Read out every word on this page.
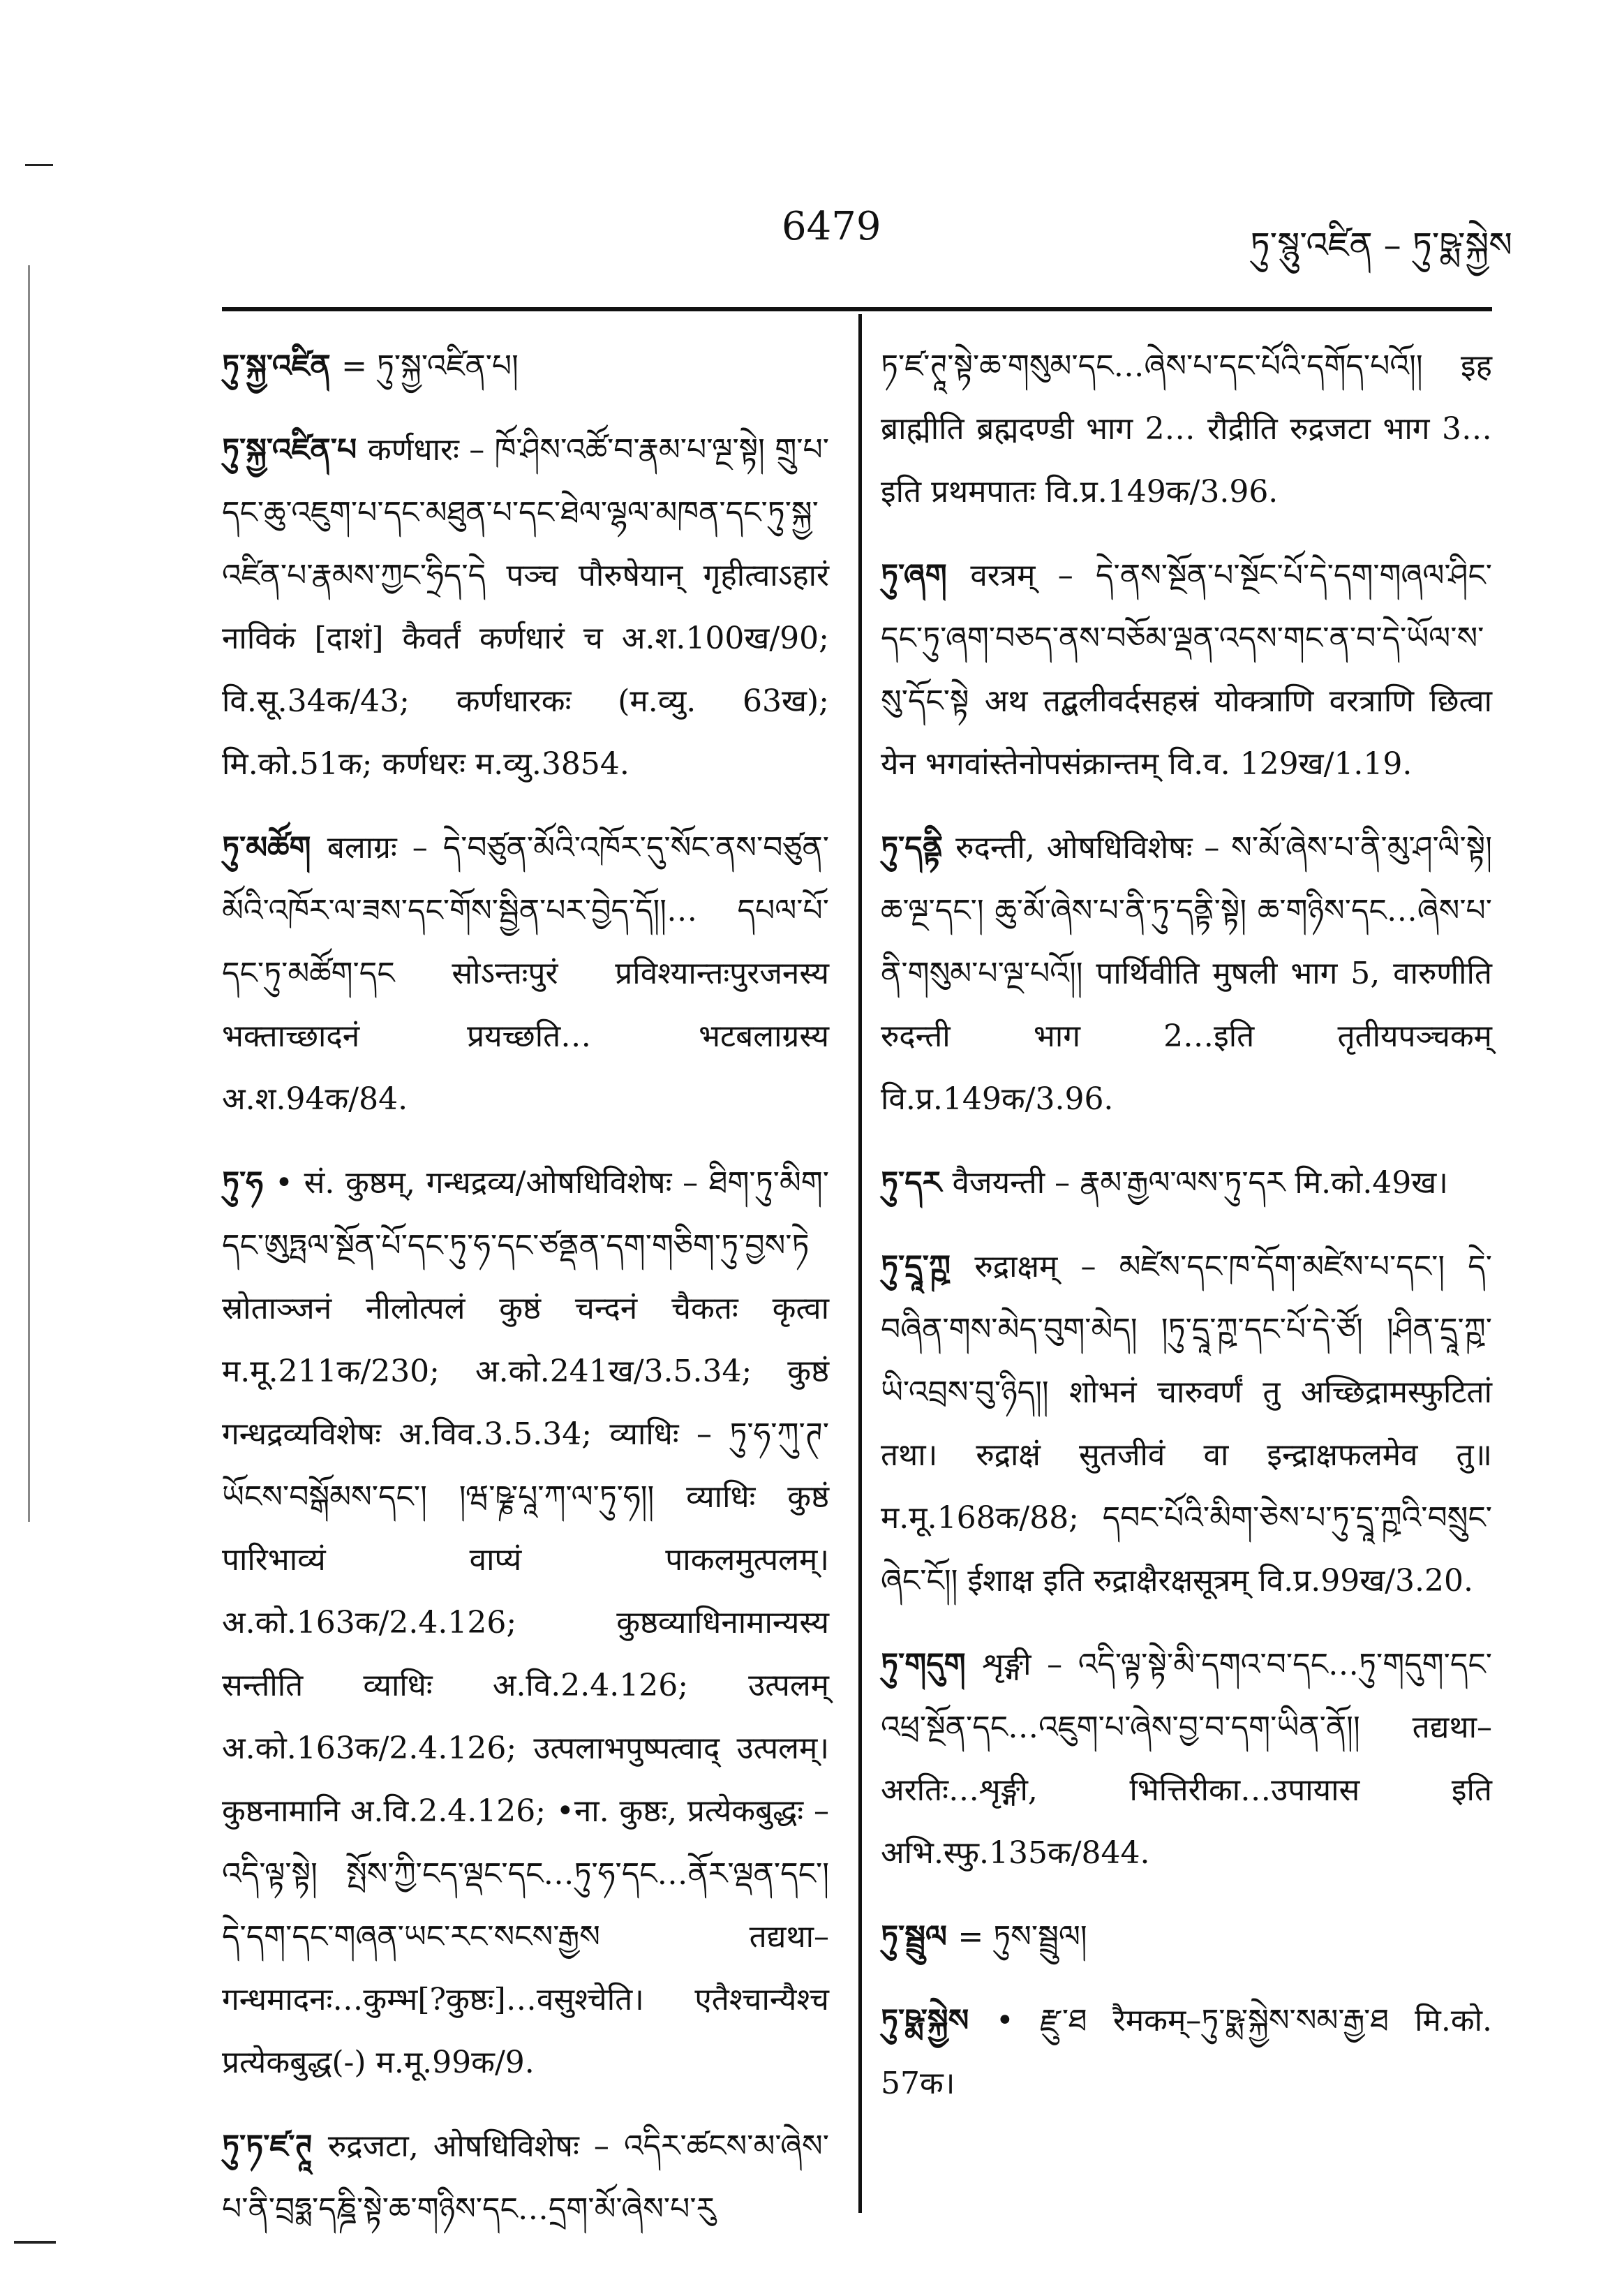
6479	ཏུ་སྙུ་འཛིན – ཏུ་ཥྨ་སྐྱེས
ཏུ་སྐྱ་འཛིན = ཏུ་སྐྱ་འཛིན་པ།
ཏུ་སྐྱ་འཛིན་པ कर्णधारः – ཁོ་ཤིས་འཚོ་བ་རྣམ་པ་ལྔ་སྟེ། གྲུ་པ་དང་ཆུ་འཇུག་པ་དང་མཐུན་པ་དང་ཐེལ་ལྷལ་མཁན་དང་ཏུ་སྐྱ་འཛིན་པ་རྣམས་ཀྱང་ཧྲིད་དེ पञ्च पौरुषेयान् गृहीत्वाऽहारं नाविकं [दाशं] कैवर्तं कर्णधारं च अ.श.100ख/90; वि.सू.34क/43; कर्णधारकः (म.व्यु. 63ख); मि.को.51क; कर्णधरः म.व्यु.3854.
ཏུ་མཚོག बलाग्रः – དེ་བཙུན་མོའི་འཁོར་དུ་སོང་ནས་བཙུན་མོའི་འཁོར་ལ་ཟས་དང་གོས་སྦྱིན་པར་བྱེད་དོ།།… དཔལ་པོ་དང་ཏུ་མཚོག་དང सोऽन्तःपुरं प्रविश्यान्तःपुरजनस्य भक्ताच्छादनं प्रयच्छति… भटबलाग्रस्य अ.श.94क/84.
ཏུ་ཧ • सं. कुष्ठम्, गन्धद्रव्य/ओषधिविशेषः – ཐིག་ཏུ་མིག་དང་ཨུཏྤལ་སྔོན་པོ་དང་ཏུ་ཧ་དང་ཙནྡན་དག་གཅིག་ཏུ་བྱས་ཏེ स्रोताञ्जनं नीलोत्पलं कुष्ठं चन्दनं चैकतः कृत्वा म.मू.211क/230; अ.को.241ख/3.5.34; कुष्ठं गन्धद्रव्यविशेषः अ.विव.3.5.34; व्याधिः – ཏུ་ཧ་ཀུ་ཊ་ཡོངས་བསྒོམས་དང་། །ཝ་ཥྞ་པཱ་ཀ་ལ་ཏུ་ཧ།། व्याधिः कुष्ठं पारिभाव्यं वाप्यं पाकलमुत्पलम्। अ.को.163क/2.4.126; कुष्ठव्याधिनामान्यस्य सन्तीति व्याधिः अ.वि.2.4.126; उत्पलम् अ.को.163क/2.4.126; उत्पलाभपुष्पत्वाद् उत्पलम्। कुष्ठनामानि अ.वि.2.4.126; •ना. कुष्ठः, प्रत्येकबुद्धः – འདི་ལྟ་སྟེ། སྤོས་ཀྱི་ངད་ལྡང་དང…ཏུ་ཧ་དང…ནོར་ལྡན་དང་། དེ་དག་དང་གཞན་ཡང་རང་སངས་རྒྱས तद्यथा–गन्धमादनः…कुम्भ[?कुष्ठः]…वसुश्चेति। एतैश्चान्यैश्च प्रत्येकबुद्ध(-) म.मू.99क/9.
ཏུ་ཏ་ཛ་ཊཱ रुद्रजटा, ओषधिविशेषः – འདིར་ཚངས་མ་ཞེས་པ་ནི་བྲཧྨ་དཎྜི་སྟེ་ཆ་གཉིས་དང…དྲག་མོ་ཞེས་པ་རུ
ཏ་ཛ་ཊཱ་སྟེ་ཆ་གསུམ་དང…ཞེས་པ་དང་པོའི་དགོད་པའོ།། इह ब्राह्मीति ब्रह्मदण्डी भाग 2… रौद्रीति रुद्रजटा भाग 3…इति प्रथमपातः वि.प्र.149क/3.96.
ཏུ་ཞག वरत्रम् – དེ་ནས་སྔོན་པ་སྔོང་པོ་དེ་དག་གཞལ་ཤིང་དང་ཏུ་ཞག་བཅད་ནས་བཅོམ་ལྡན་འདས་གང་ན་བ་དེ་ཡོལ་ས་སུ་དོང་སྟེ अथ तद्बलीवर्दसहस्रं योक्त्राणि वरत्राणि छित्वा येन भगवांस्तेनोपसंक्रान्तम् वि.व. 129ख/1.19.
ཏུ་དནྟི रुदन्ती, ओषधिविशेषः – ས་མོ་ཞེས་པ་ནི་མུ་ཤ་ལི་སྟེ། ཆ་ལྔ་དང་། ཆུ་མོ་ཞེས་པ་ནི་ཏུ་དནྟི་སྟེ། ཆ་གཉིས་དང…ཞེས་པ་ནི་གསུམ་པ་ལྔ་པའོ།། पार्थिवीति मुषली भाग 5, वारुणीति रुदन्ती भाग 2…इति तृतीयपञ्चकम् वि.प्र.149क/3.96.
ཏུ་དར वैजयन्ती – རྣམ་རྒྱལ་ལས་ཏུ་དར मि.को.49ख।
ཏུ་དྲཱ་ཀྵ रुद्राक्षम् – མཛེས་དང་ཁ་དོག་མཛེས་པ་དང་། དེ་བཞིན་གས་མེད་བུག་མེད། །ཏུ་དྲཱ་ཀྵ་དང་པོ་དེ་ཙོ། །ཤིན་དྲཱ་ཀྵ་ཡི་འབྲས་བུ་ཉིད།། शोभनं चारुवर्णं तु अच्छिद्रामस्फुटितां तथा। रुद्राक्षं सुतजीवं वा इन्द्राक्षफलमेव तु॥ म.मू.168क/88; དབང་པོའི་མིག་ཅེས་པ་ཏུ་དྲཱ་ཀྵའི་བསྲུང་ཞེང་ངོ།། ईशाक्ष इति रुद्राक्षैरक्षसूत्रम् वि.प्र.99ख/3.20.
ཏུ་གདུག शृङ्गी – འདི་ལྟ་སྟེ་མི་དགའ་བ་དང…ཏུ་གདུག་དང་འཕྲ་སྔོན་དང…འཇུག་པ་ཞེས་བྱ་བ་དག་ཡིན་ནོ།། तद्यथा–अरतिः…शृङ्गी, भित्तिरीका…उपायास इति अभि.स्फु.135क/844.
ཏུ་སྦྲུལ = ཏུས་སྦྲུལ།
ཏུ་ཥྨ་སྐྱེས • རྫུ་ཐ रैमकम्–ཏུ་ཥྨ་སྐྱེས་སམ་རྒྱ་ཐ मि.को. 57क।
